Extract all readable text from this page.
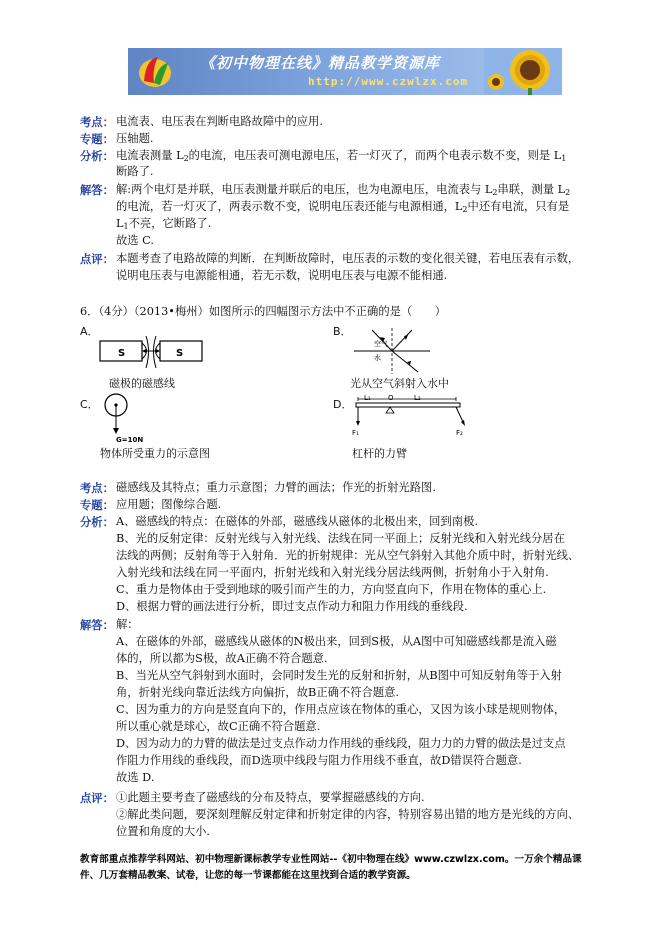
《初中物理在线》精品教学资源库
http://www.czwlzx.com
考点： 电流表、电压表在判断电路故障中的应用.
专题： 压轴题.
分析： 电流表测量 $L_2$的电流，电压表可测电源电压，若一灯灭了，而两个电表示数不变，则是 $L_1$
断路了.
解答： 解:两个电灯是并联，电压表测量并联后的电压，也为电源电压，电流表与 $L_2$串联，测量 $L_2$
的电流，若一灯灭了，两表示数不变，说明电压表还能与电源相通，$L_2$中还有电流，只有是
$L_1$不亮，它断路了.
故选 C.
点评： 本题考查了电路故障的判断．在判断故障时，电压表的示数的变化很关键，若电压表有示数，
说明电压表与电源能相通，若无示数，说明电压表与电源不能相通.
6．（4分）（2013•梅州）如图所示的四幅图示方法中不正确的是（　　）
A．
S	S
磁极的磁感线
B．
空气
水
光从空气斜射入水中
C．
G=10N
物体所受重力的示意图
D． L₁ O	L₂
F₁	F₂
杠杆的力臂
考点： 磁感线及其特点；重力示意图；力臂的画法；作光的折射光路图.
专题： 应用题；图像综合题.
分析： A、磁感线的特点：在磁体的外部，磁感线从磁体的北极出来，回到南极.
B、光的反射定律：反射光线与入射光线、法线在同一平面上；反射光线和入射光线分居在
法线的两侧；反射角等于入射角．光的折射规律：光从空气斜射入其他介质中时，折射光线、
入射光线和法线在同一平面内，折射光线和入射光线分居法线两侧，折射角小于入射角.
C、重力是物体由于受到地球的吸引而产生的力，方向竖直向下，作用在物体的重心上.
D、根据力臂的画法进行分析，即过支点作动力和阻力作用线的垂线段.
解答： 解：
A、在磁体的外部，磁感线从磁体的N极出来，回到S极，从A图中可知磁感线都是流入磁
体的，所以都为S极，故A正确不符合题意.
B、当光从空气斜射到水面时，会同时发生光的反射和折射，从B图中可知反射角等于入射
角，折射光线向靠近法线方向偏折，故B正确不符合题意.
C、因为重力的方向是竖直向下的，作用点应该在物体的重心，又因为该小球是规则物体，
所以重心就是球心，故C正确不符合题意.
D、因为动力的力臂的做法是过支点作动力作用线的垂线段，阻力力的力臂的做法是过支点
作阻力作用线的垂线段，而D选项中线段与阻力作用线不垂直，故D错误符合题意.
故选 D.
点评： ①此题主要考查了磁感线的分布及特点，要掌握磁感线的方向.
②解此类问题，要深刻理解反射定律和折射定律的内容，特别容易出错的地方是光线的方向、
位置和角度的大小.
教育部重点推荐学科网站、初中物理新课标教学专业性网站--《初中物理在线》www.czwlzx.com。一万余个精品课
件、几万套精品教案、试卷，让您的每一节课都能在这里找到合适的教学资源。
